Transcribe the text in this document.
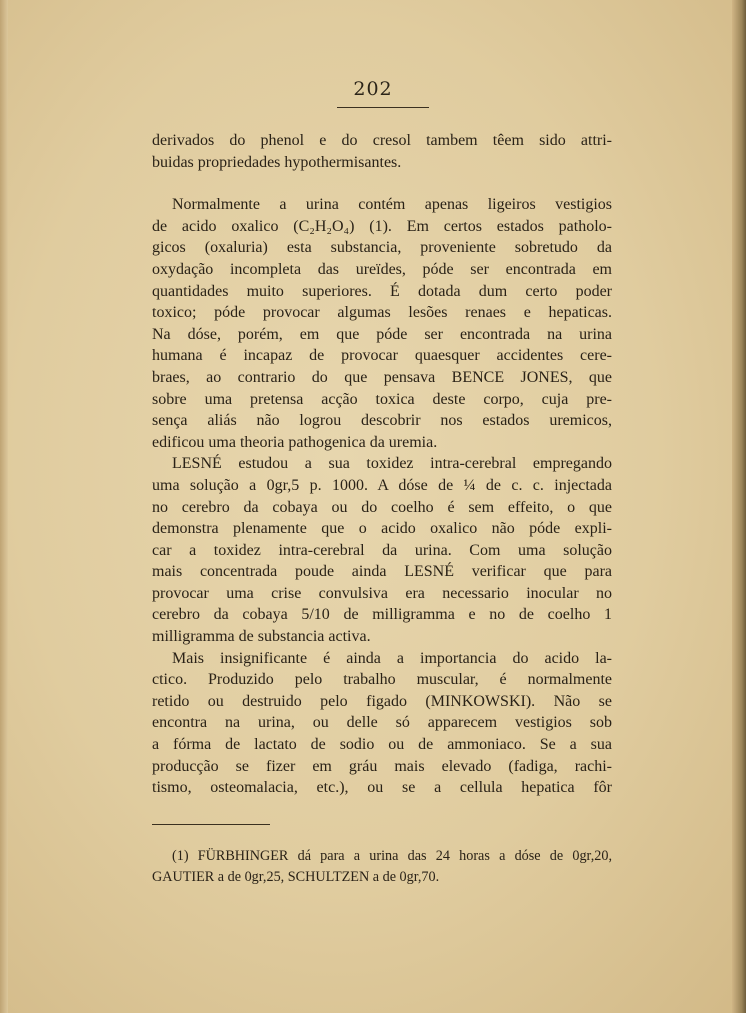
202
derivados do phenol e do cresol tambem têem sido attri-
buidas propriedades hypothermisantes.
Normalmente a urina contém apenas ligeiros vestigios
de acido oxalico (C₂H₂O₄) (1). Em certos estados patholo-
gicos (oxaluria) esta substancia, proveniente sobretudo da
oxydação incompleta das ureïdes, póde ser encontrada em
quantidades muito superiores. É dotada dum certo poder
toxico; póde provocar algumas lesões renaes e hepaticas.
Na dóse, porém, em que póde ser encontrada na urina
humana é incapaz de provocar quaesquer accidentes cere-
braes, ao contrario do que pensava BENCE JONES, que
sobre uma pretensa acção toxica deste corpo, cuja pre-
sença aliás não logrou descobrir nos estados uremicos,
edificou uma theoria pathogenica da uremia.
LESNÉ estudou a sua toxidez intra-cerebral empregando
uma solução a 0gr,5 p. 1000. A dóse de ¼ de c. c. injectada
no cerebro da cobaya ou do coelho é sem effeito, o que
demonstra plenamente que o acido oxalico não póde expli-
car a toxidez intra-cerebral da urina. Com uma solução
mais concentrada poude ainda LESNÉ verificar que para
provocar uma crise convulsiva era necessario inocular no
cerebro da cobaya 5/10 de milligramma e no de coelho 1
milligramma de substancia activa.
Mais insignificante é ainda a importancia do acido la-
ctico. Produzido pelo trabalho muscular, é normalmente
retido ou destruido pelo figado (MINKOWSKI). Não se
encontra na urina, ou delle só apparecem vestigios sob
a fórma de lactato de sodio ou de ammoniaco. Se a sua
producção se fizer em gráu mais elevado (fadiga, rachi-
tismo, osteomalacia, etc.), ou se a cellula hepatica fôr
(1) FÜRBHINGER dá para a urina das 24 horas a dóse de 0gr,20,
GAUTIER a de 0gr,25, SCHULTZEN a de 0gr,70.
